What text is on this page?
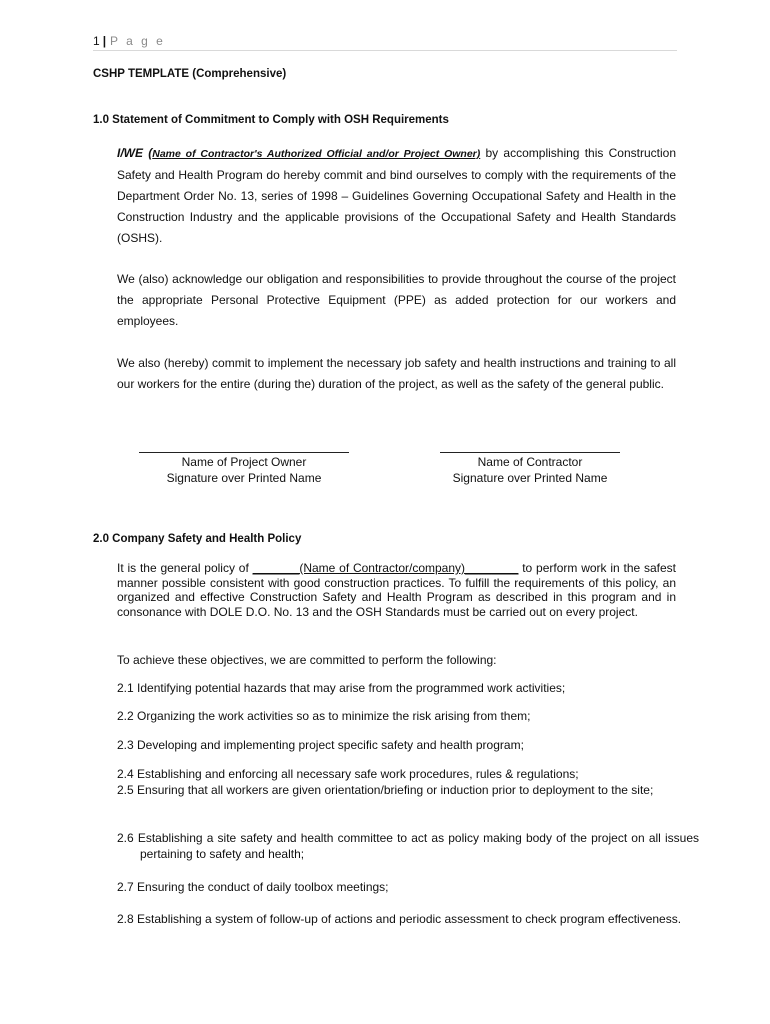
1 | P a g e
CSHP TEMPLATE (Comprehensive)
1.0 Statement of Commitment to Comply with OSH Requirements

I/WE (Name of Contractor's Authorized Official and/or Project Owner) by accomplishing this Construction Safety and Health Program do hereby commit and bind ourselves to comply with the requirements of the Department Order No. 13, series of 1998 – Guidelines Governing Occupational Safety and Health in the Construction Industry and the applicable provisions of the Occupational Safety and Health Standards (OSHS).

We (also) acknowledge our obligation and responsibilities to provide throughout the course of the project the appropriate Personal Protective Equipment (PPE) as added protection for our workers and employees.

We also (hereby) commit to implement the necessary job safety and health instructions and training to all our workers for the entire (during the) duration of the project, as well as the safety of the general public.

Name of Project Owner
Signature over Printed Name
Name of Contractor
Signature over Printed Name
2.0 Company Safety and Health Policy

It is the general policy of _______(Name of Contractor/company)________ to perform work in the safest manner possible consistent with good construction practices. To fulfill the requirements of this policy, an organized and effective Construction Safety and Health Program as described in this program and in consonance with DOLE D.O. No. 13 and the OSH Standards must be carried out on every project.

To achieve these objectives, we are committed to perform the following:

2.1 Identifying potential hazards that may arise from the programmed work activities;

2.2 Organizing the work activities so as to minimize the risk arising from them;

2.3 Developing and implementing project specific safety and health program;

2.4 Establishing and enforcing all necessary safe work procedures, rules & regulations;

2.5 Ensuring that all workers are given orientation/briefing or induction prior to deployment to the site;

2.6 Establishing a site safety and health committee to act as policy making body of the project on all issues pertaining to safety and health;

2.7 Ensuring the conduct of daily toolbox meetings;

2.8 Establishing a system of follow-up of actions and periodic assessment to check program effectiveness.
